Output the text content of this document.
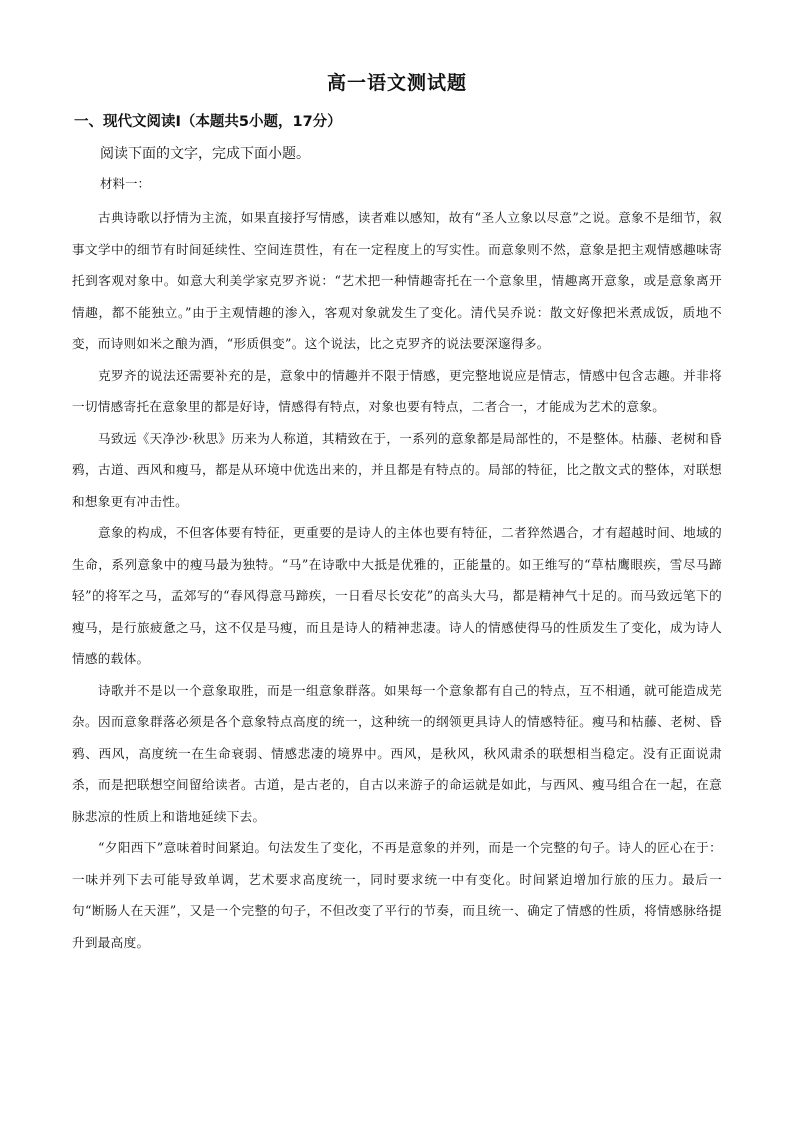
高一语文测试题
一、现代文阅读Ⅰ（本题共5小题，17分）
阅读下面的文字，完成下面小题。
材料一：

古典诗歌以抒情为主流，如果直接抒写情感，读者难以感知，故有“圣人立象以尽意”之说。意象不是细节，叙事文学中的细节有时间延续性、空间连贯性，有在一定程度上的写实性。而意象则不然，意象是把主观情感趣味寄托到客观对象中。如意大利美学家克罗齐说：“艺术把一种情趣寄托在一个意象里，情趣离开意象，或是意象离开情趣，都不能独立。”由于主观情趣的渗入，客观对象就发生了变化。清代吴乔说：散文好像把米煮成饭，质地不变，而诗则如米之酿为酒，“形质俱变”。这个说法，比之克罗齐的说法要深邃得多。

克罗齐的说法还需要补充的是，意象中的情趣并不限于情感，更完整地说应是情志，情感中包含志趣。并非将一切情感寄托在意象里的都是好诗，情感得有特点，对象也要有特点，二者合一，才能成为艺术的意象。

马致远《天净沙·秋思》历来为人称道，其精致在于，一系列的意象都是局部性的，不是整体。枯藤、老树和昏鸦，古道、西风和瘦马，都是从环境中优选出来的，并且都是有特点的。局部的特征，比之散文式的整体，对联想和想象更有冲击性。

意象的构成，不但客体要有特征，更重要的是诗人的主体也要有特征，二者猝然遇合，才有超越时间、地域的生命，系列意象中的瘦马最为独特。“马”在诗歌中大抵是优雅的，正能量的。如王维写的“草枯鹰眼疾，雪尽马蹄轻”的将军之马，孟郊写的“春风得意马蹄疾，一日看尽长安花”的高头大马，都是精神气十足的。而马致远笔下的瘦马，是行旅疲惫之马，这不仅是马瘦，而且是诗人的精神悲凄。诗人的情感使得马的性质发生了变化，成为诗人情感的载体。

诗歌并不是以一个意象取胜，而是一组意象群落。如果每一个意象都有自己的特点，互不相通，就可能造成芜杂。因而意象群落必须是各个意象特点高度的统一，这种统一的纲领更具诗人的情感特征。瘦马和枯藤、老树、昏鸦、西风，高度统一在生命衰弱、情感悲凄的境界中。西风，是秋风，秋风肃杀的联想相当稳定。没有正面说肃杀，而是把联想空间留给读者。古道，是古老的，自古以来游子的命运就是如此，与西风、瘦马组合在一起，在意脉悲凉的性质上和谐地延续下去。

“夕阳西下”意味着时间紧迫。句法发生了变化，不再是意象的并列，而是一个完整的句子。诗人的匠心在于：一味并列下去可能导致单调，艺术要求高度统一，同时要求统一中有变化。时间紧迫增加行旅的压力。最后一句“断肠人在天涯”，又是一个完整的句子，不但改变了平行的节奏，而且统一、确定了情感的性质，将情感脉络提升到最高度。
